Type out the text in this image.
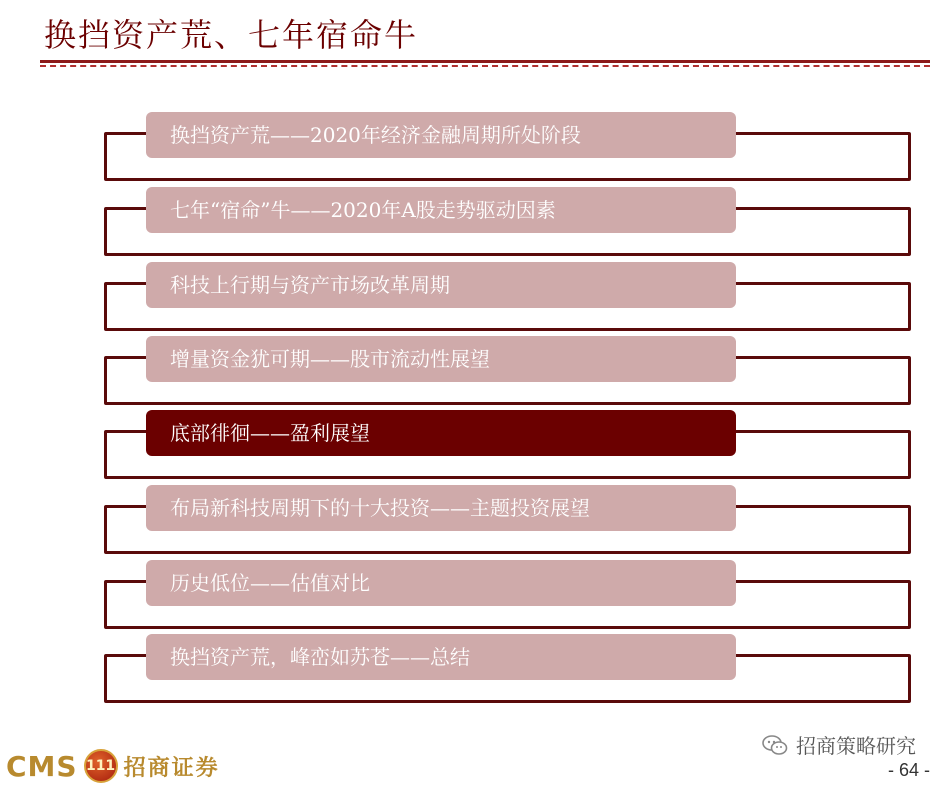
换挡资产荒、七年宿命牛
换挡资产荒——2020年经济金融周期所处阶段
七年“宿命”牛——2020年A股走势驱动因素
科技上行期与资产市场改革周期
增量资金犹可期——股市流动性展望
底部徘徊——盈利展望
布局新科技周期下的十大投资——主题投资展望
历史低位——估值对比
换挡资产荒，峰峦如苏苍——总结
CMS 111 招商证券
招商策略研究
- 64 -
